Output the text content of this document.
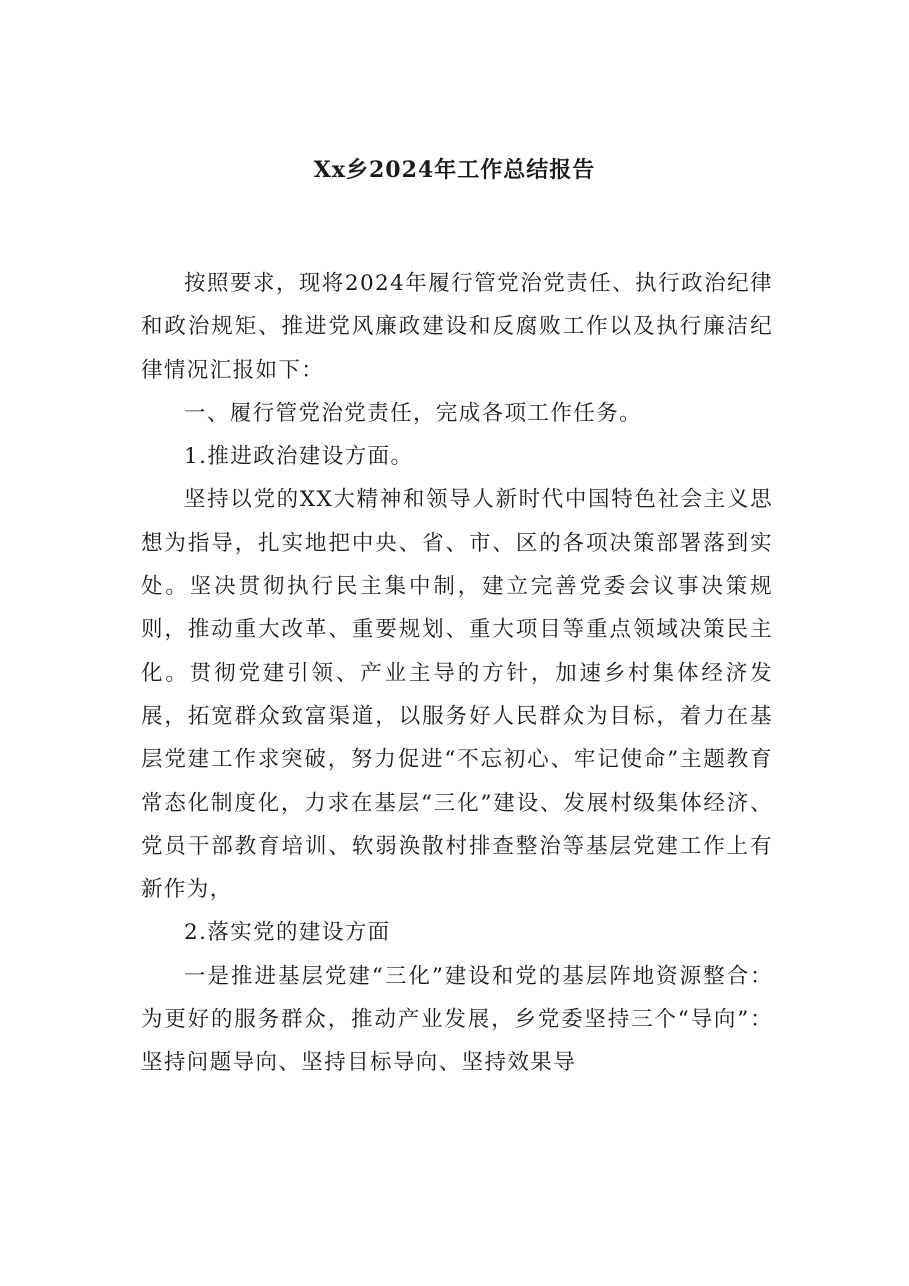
Xx乡2024年工作总结报告

按照要求，现将2024年履行管党治党责任、执行政治纪律和政治规矩、推进党风廉政建设和反腐败工作以及执行廉洁纪律情况汇报如下：

一、履行管党治党责任，完成各项工作任务。

1.推进政治建设方面。

坚持以党的XX大精神和领导人新时代中国特色社会主义思想为指导，扎实地把中央、省、市、区的各项决策部署落到实处。坚决贯彻执行民主集中制，建立完善党委会议事决策规则，推动重大改革、重要规划、重大项目等重点领域决策民主化。贯彻党建引领、产业主导的方针，加速乡村集体经济发展，拓宽群众致富渠道，以服务好人民群众为目标，着力在基层党建工作求突破，努力促进“不忘初心、牢记使命”主题教育常态化制度化，力求在基层“三化”建设、发展村级集体经济、党员干部教育培训、软弱涣散村排查整治等基层党建工作上有新作为，

2.落实党的建设方面

一是推进基层党建“三化”建设和党的基层阵地资源整合：为更好的服务群众，推动产业发展，乡党委坚持三个“导向”：坚持问题导向、坚持目标导向、坚持效果导
